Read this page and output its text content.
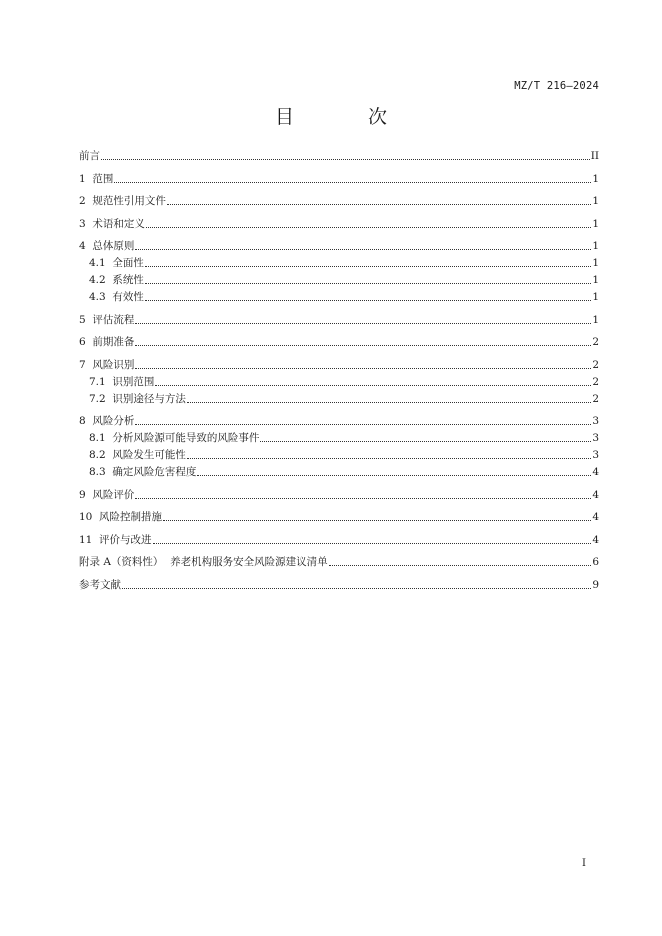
MZ/T 216—2024
目 次
前言	II
1 范围	1
2 规范性引用文件	1
3 术语和定义	1
4 总体原则	1
4.1 全面性	1
4.2 系统性	1
4.3 有效性	1
5 评估流程	1
6 前期准备	2
7 风险识别	2
7.1 识别范围	2
7.2 识别途径与方法	2
8 风险分析	3
8.1 分析风险源可能导致的风险事件	3
8.2 风险发生可能性	3
8.3 确定风险危害程度	4
9 风险评价	4
10 风险控制措施	4
11 评价与改进	4
附录 A（资料性）  养老机构服务安全风险源建议清单	6
参考文献	9
I
